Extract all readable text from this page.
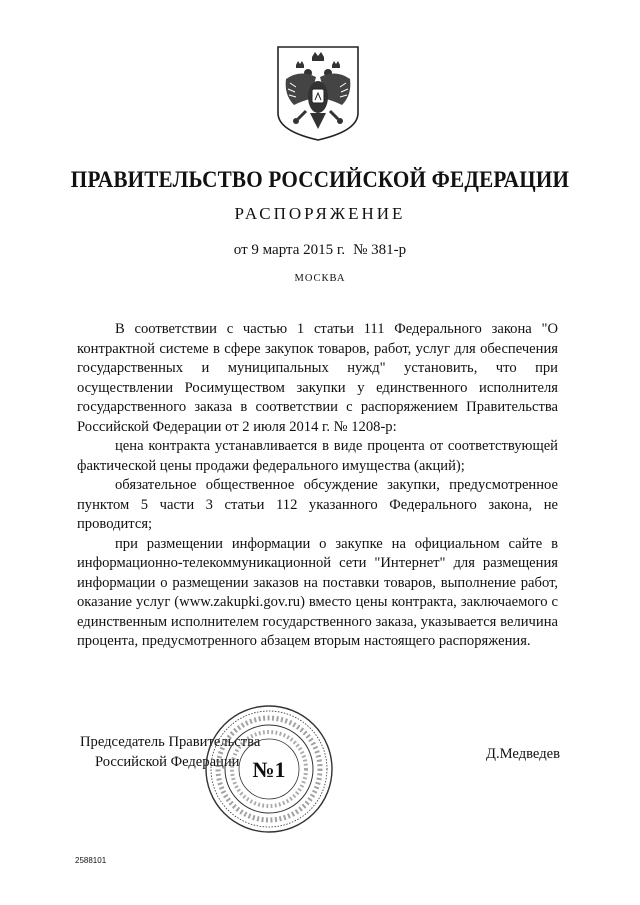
ПРАВИТЕЛЬСТВО РОССИЙСКОЙ ФЕДЕРАЦИИ
РАСПОРЯЖЕНИЕ
от 9 марта 2015 г. № 381-р
МОСКВА

В соответствии с частью 1 статьи 111 Федерального закона "О контрактной системе в сфере закупок товаров, работ, услуг для обеспечения государственных и муниципальных нужд" установить, что при осуществлении Росимуществом закупки у единственного исполнителя государственного заказа в соответствии с распоряжением Правительства Российской Федерации от 2 июля 2014 г. № 1208-р:

цена контракта устанавливается в виде процента от соответствующей фактической цены продажи федерального имущества (акций);

обязательное общественное обсуждение закупки, предусмотренное пунктом 5 части 3 статьи 112 указанного Федерального закона, не проводится;

при размещении информации о закупке на официальном сайте в информационно-телекоммуникационной сети "Интернет" для размещения информации о размещении заказов на поставки товаров, выполнение работ, оказание услуг (www.zakupki.gov.ru) вместо цены контракта, заключаемого с единственным исполнителем государственного заказа, указывается величина процента, предусмотренного абзацем вторым настоящего распоряжения.

Председатель Правительства
Российской Федерации	Д.Медведев
№1
2588101
